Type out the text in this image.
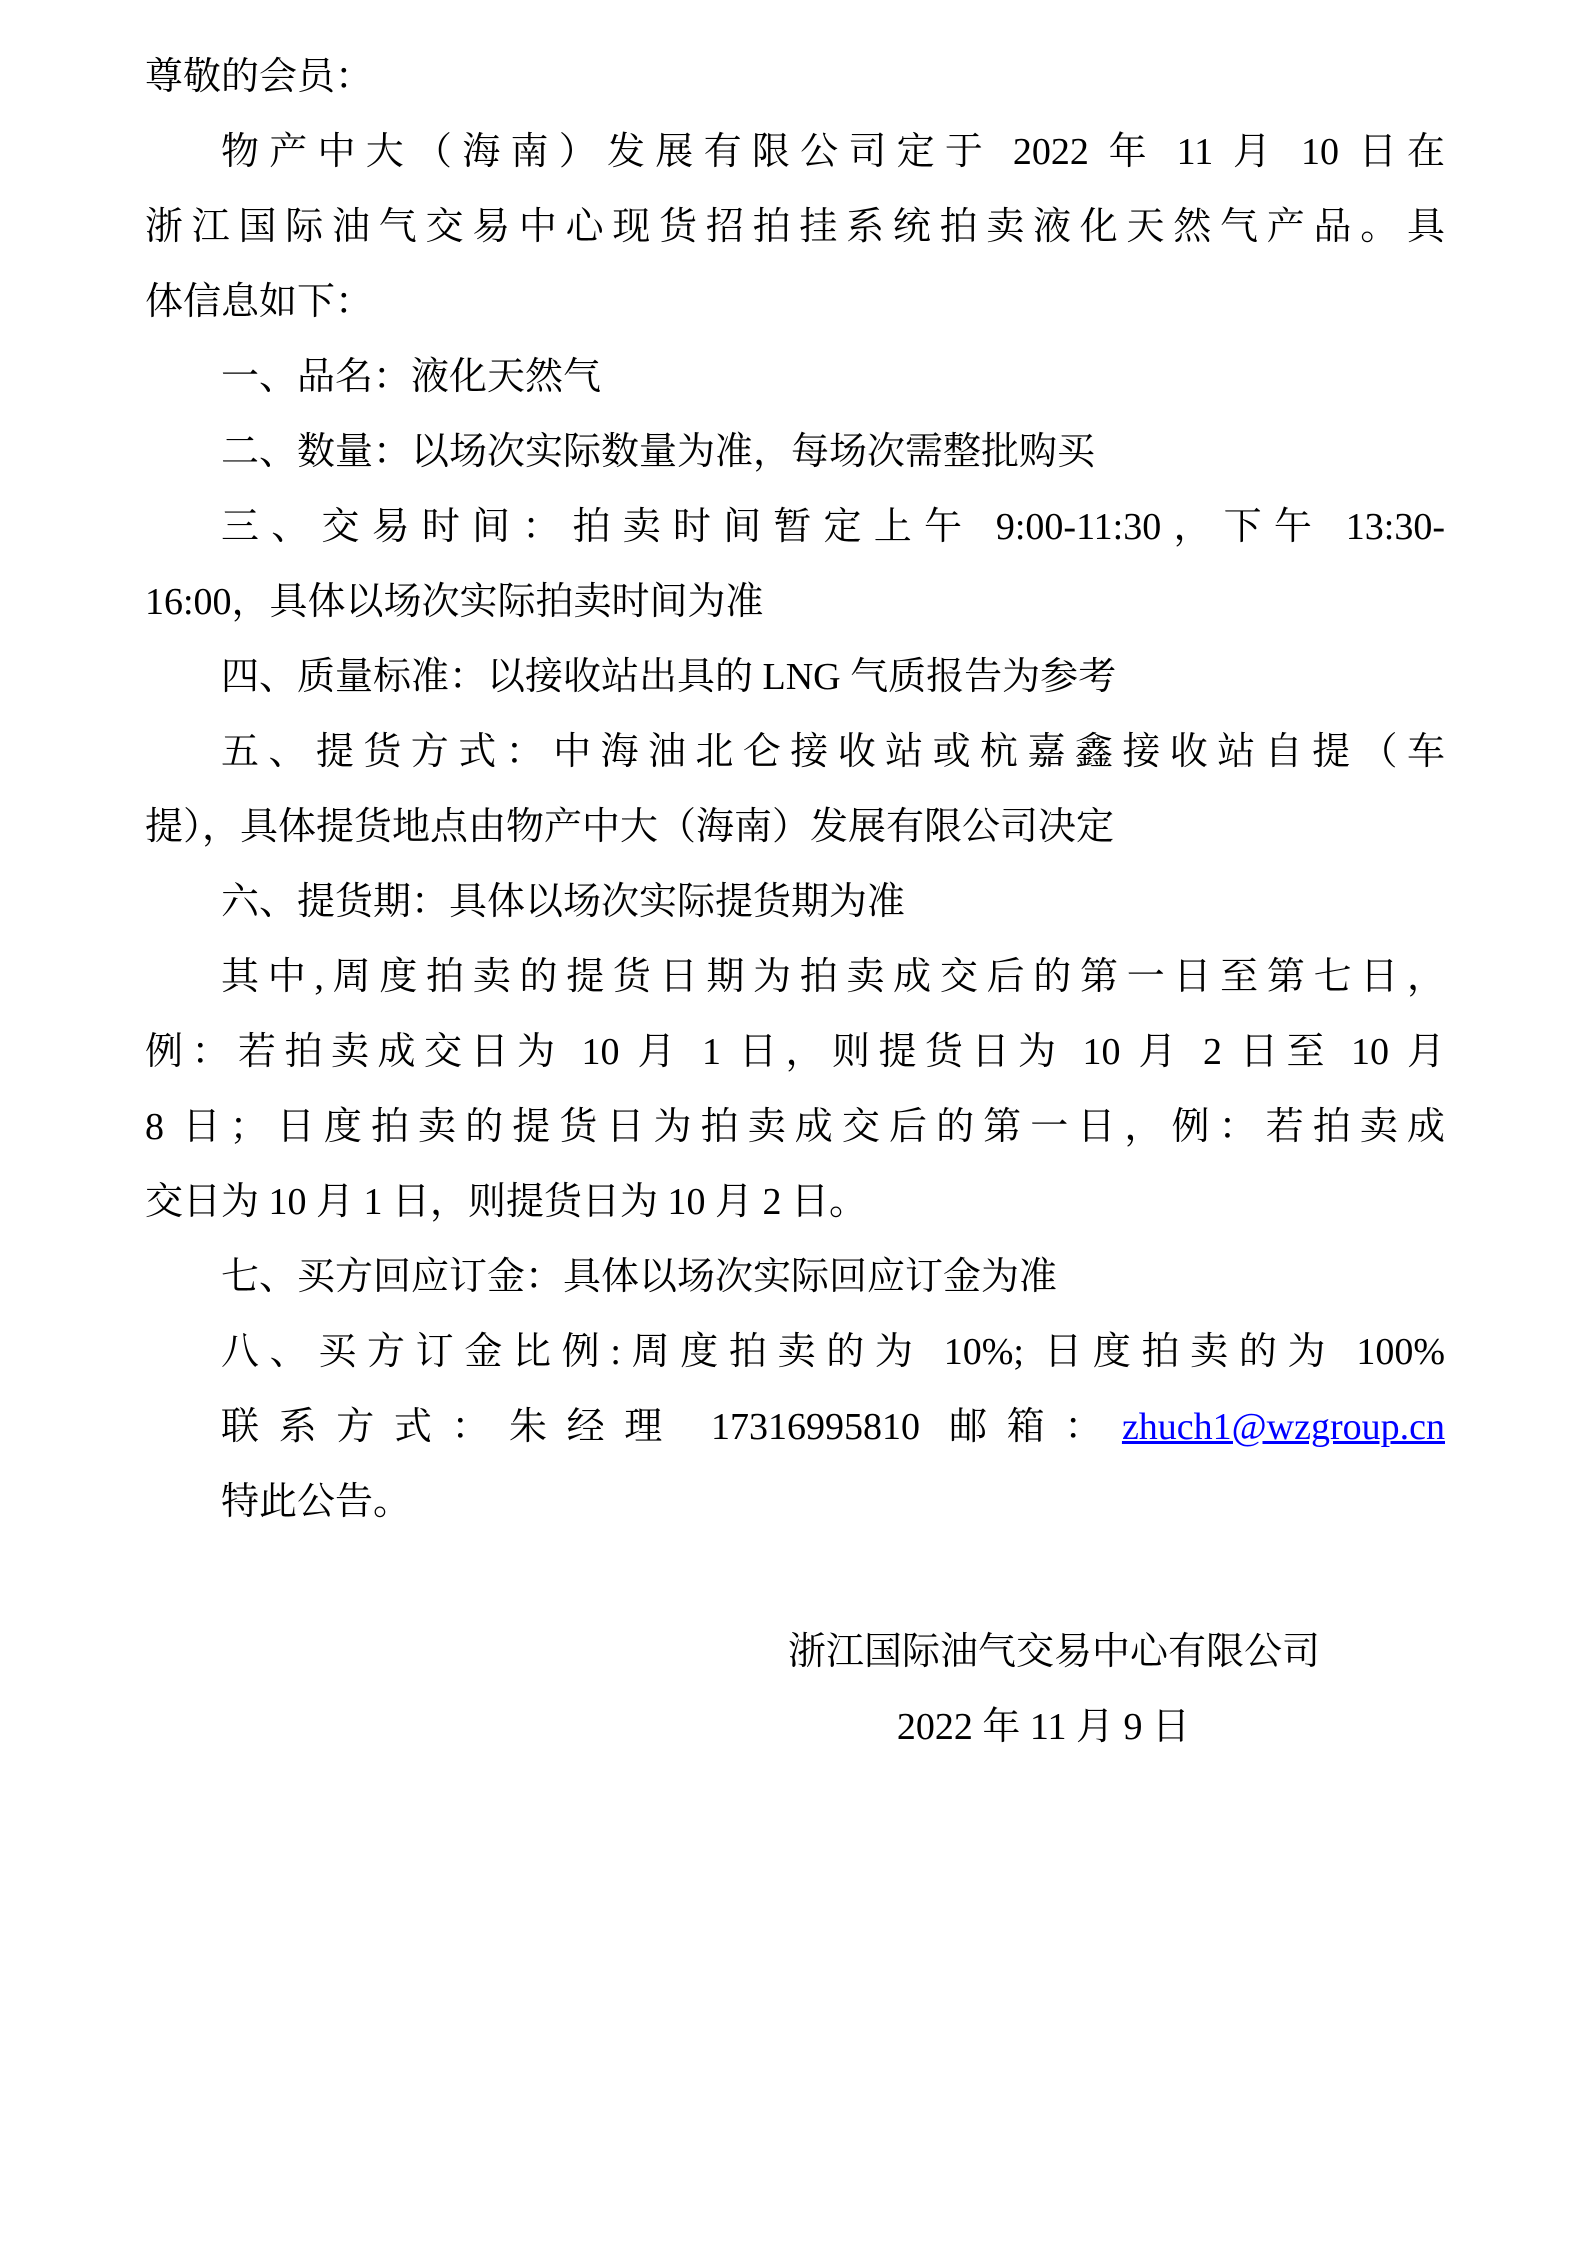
尊敬的会员：
物产中大（海南）发展有限公司定于 2022 年 11 月 10 日在
浙江国际油气交易中心现货招拍挂系统拍卖液化天然气产品。具
体信息如下：
一、品名：液化天然气
二、数量：以场次实际数量为准，每场次需整批购买
三、交易时间：拍卖时间暂定上午 9:00-11:30，下午 13:30-
16:00，具体以场次实际拍卖时间为准
四、质量标准：以接收站出具的 LNG 气质报告为参考
五、提货方式：中海油北仑接收站或杭嘉鑫接收站自提（车
提），具体提货地点由物产中大（海南）发展有限公司决定
六、提货期：具体以场次实际提货期为准
其中,周度拍卖的提货日期为拍卖成交后的第一日至第七日，
例：若拍卖成交日为 10 月 1 日，则提货日为 10 月 2 日至 10 月
8 日；日度拍卖的提货日为拍卖成交后的第一日，例：若拍卖成
交日为 10 月 1 日，则提货日为 10 月 2 日。
七、买方回应订金：具体以场次实际回应订金为准
八、买方订金比例:周度拍卖的为 10%; 日度拍卖的为 100%
联系方式：朱经理 17316995810 邮箱：zhuch1@wzgroup.cn
特此公告。
浙江国际油气交易中心有限公司
2022 年 11 月 9 日
